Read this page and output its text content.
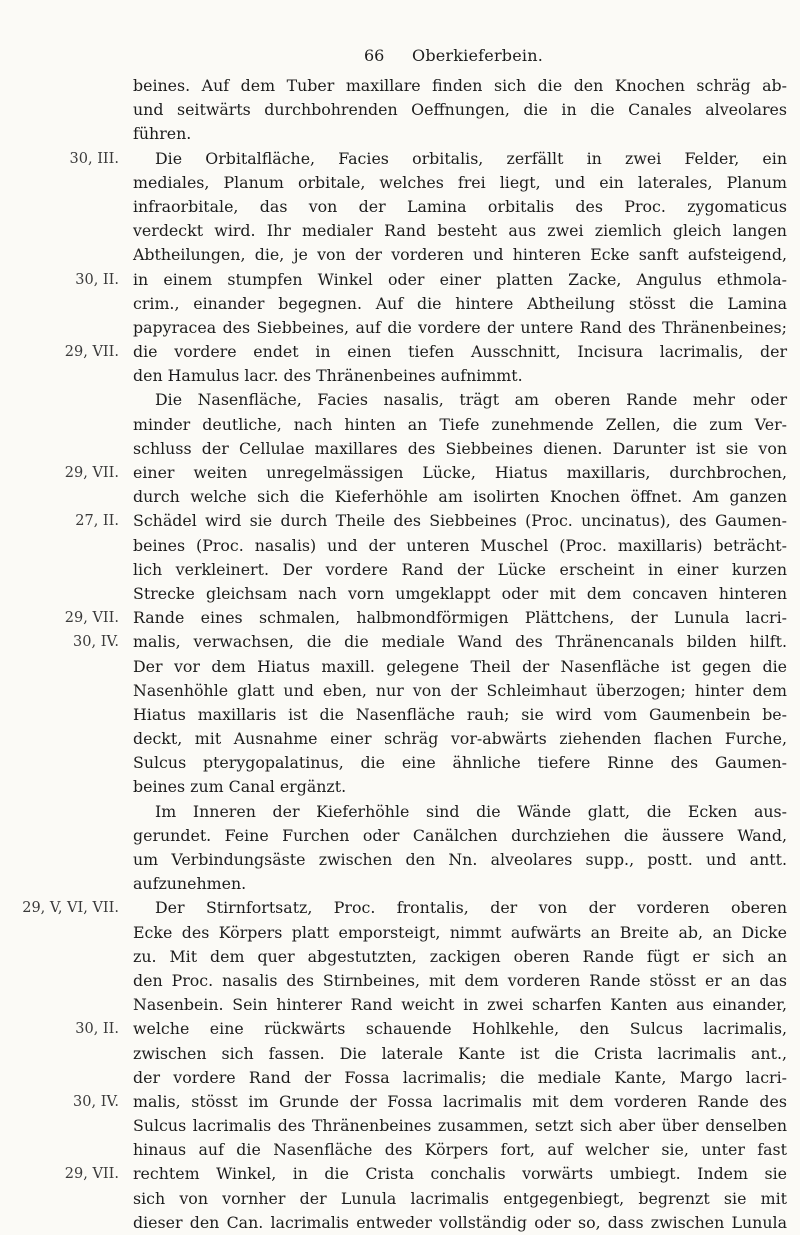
66 Oberkieferbein.
beines. Auf dem Tuber maxillare finden sich die den Knochen schräg ab-
und seitwärts durchbohrenden Oeffnungen, die in die Canales alveolares
führen.
30, III. Die Orbitalfläche, Facies orbitalis, zerfällt in zwei Felder, ein
mediales, Planum orbitale, welches frei liegt, und ein laterales, Planum
infraorbitale, das von der Lamina orbitalis des Proc. zygomaticus
verdeckt wird. Ihr medialer Rand besteht aus zwei ziemlich gleich langen
Abtheilungen, die, je von der vorderen und hinteren Ecke sanft aufsteigend,
30, II. in einem stumpfen Winkel oder einer platten Zacke, Angulus ethmola-
crim., einander begegnen. Auf die hintere Abtheilung stösst die Lamina
papyracea des Siebbeines, auf die vordere der untere Rand des Thränenbeines;
29, VII. die vordere endet in einen tiefen Ausschnitt, Incisura lacrimalis, der
den Hamulus lacr. des Thränenbeines aufnimmt.
Die Nasenfläche, Facies nasalis, trägt am oberen Rande mehr oder
minder deutliche, nach hinten an Tiefe zunehmende Zellen, die zum Ver-
schluss der Cellulae maxillares des Siebbeines dienen. Darunter ist sie von
29, VII. einer weiten unregelmässigen Lücke, Hiatus maxillaris, durchbrochen,
durch welche sich die Kieferhöhle am isolirten Knochen öffnet. Am ganzen
27, II. Schädel wird sie durch Theile des Siebbeines (Proc. uncinatus), des Gaumen-
beines (Proc. nasalis) und der unteren Muschel (Proc. maxillaris) beträcht-
lich verkleinert. Der vordere Rand der Lücke erscheint in einer kurzen
Strecke gleichsam nach vorn umgeklappt oder mit dem concaven hinteren
29, VII. Rande eines schmalen, halbmondförmigen Plättchens, der Lunula lacri-
30, IV. malis, verwachsen, die die mediale Wand des Thränencanals bilden hilft.
Der vor dem Hiatus maxill. gelegene Theil der Nasenfläche ist gegen die
Nasenhöhle glatt und eben, nur von der Schleimhaut überzogen; hinter dem
Hiatus maxillaris ist die Nasenfläche rauh; sie wird vom Gaumenbein be-
deckt, mit Ausnahme einer schräg vor-abwärts ziehenden flachen Furche,
Sulcus pterygopalatinus, die eine ähnliche tiefere Rinne des Gaumen-
beines zum Canal ergänzt.
Im Inneren der Kieferhöhle sind die Wände glatt, die Ecken aus-
gerundet. Feine Furchen oder Canälchen durchziehen die äussere Wand,
um Verbindungsäste zwischen den Nn. alveolares supp., postt. und antt.
aufzunehmen.
29, V, VI, VII. Der Stirnfortsatz, Proc. frontalis, der von der vorderen oberen
Ecke des Körpers platt emporsteigt, nimmt aufwärts an Breite ab, an Dicke
zu. Mit dem quer abgestutzten, zackigen oberen Rande fügt er sich an
den Proc. nasalis des Stirnbeines, mit dem vorderen Rande stösst er an das
Nasenbein. Sein hinterer Rand weicht in zwei scharfen Kanten aus einander,
30, II. welche eine rückwärts schauende Hohlkehle, den Sulcus lacrimalis,
zwischen sich fassen. Die laterale Kante ist die Crista lacrimalis ant.,
der vordere Rand der Fossa lacrimalis; die mediale Kante, Margo lacri-
30, IV. malis, stösst im Grunde der Fossa lacrimalis mit dem vorderen Rande des
Sulcus lacrimalis des Thränenbeines zusammen, setzt sich aber über denselben
hinaus auf die Nasenfläche des Körpers fort, auf welcher sie, unter fast
29, VII. rechtem Winkel, in die Crista conchalis vorwärts umbiegt. Indem sie
sich von vornher der Lunula lacrimalis entgegenbiegt, begrenzt sie mit
dieser den Can. lacrimalis entweder vollständig oder so, dass zwischen Lunula
